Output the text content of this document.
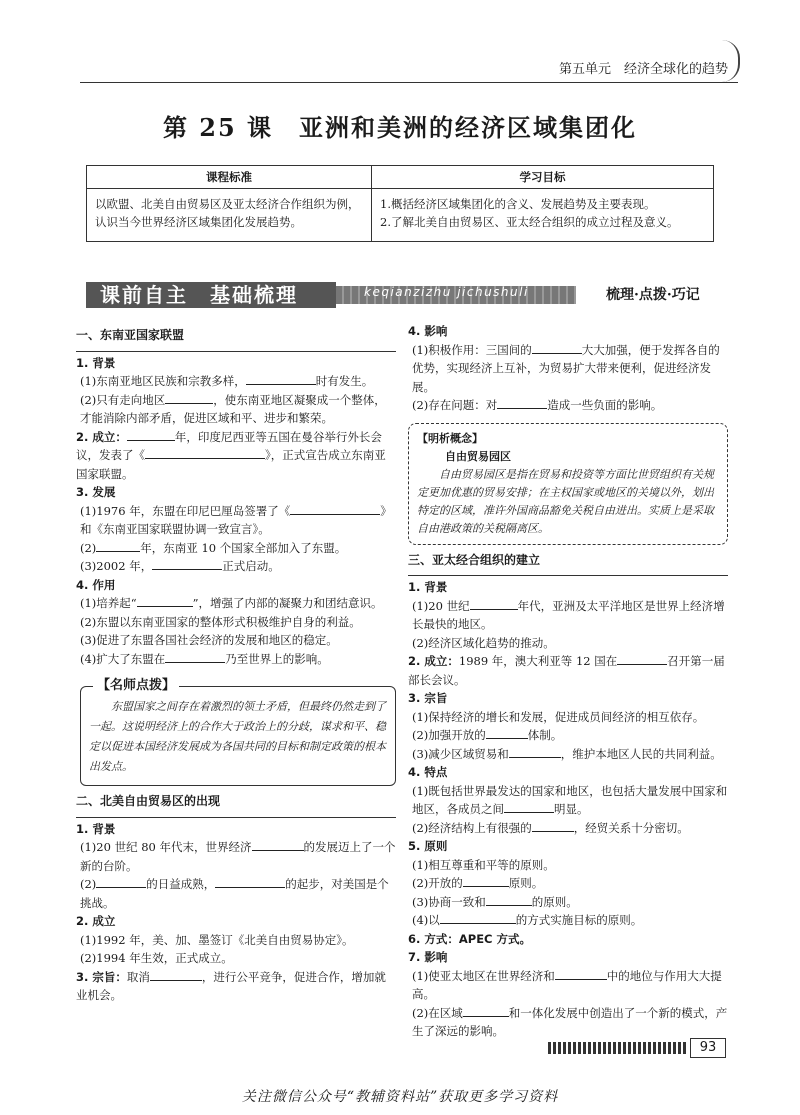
第五单元　经济全球化的趋势
第 25 课　亚洲和美洲的经济区域集团化
课程标准	学习目标
以欧盟、北美自由贸易区及亚太经济合作组织为例，认识当今世界经济区域集团化发展趋势。	1.概括经济区域集团化的含义、发展趋势及主要表现。
2.了解北美自由贸易区、亚太经合组织的成立过程及意义。
课前自主　基础梳理	keqianzizhu jichushuli	梳理·点拨·巧记

一、东南亚国家联盟

1. 背景

(1)东南亚地区民族和宗教多样，	时有发生。

(2)只有走向地区	，使东南亚地区凝聚成一个整体，才能消除内部矛盾，促进区域和平、进步和繁荣。

2. 成立：	年，印度尼西亚等五国在曼谷举行外长会议，发表了《	》，正式宣告成立东南亚国家联盟。

3. 发展

(1)1976 年，东盟在印尼巴厘岛签署了《	》和《东南亚国家联盟协调一致宣言》。

(2)	年，东南亚 10 个国家全部加入了东盟。

(3)2002 年，	正式启动。

4. 作用

(1)培养起“	”，增强了内部的凝聚力和团结意识。

(2)东盟以东南亚国家的整体形式积极维护自身的利益。

(3)促进了东盟各国社会经济的发展和地区的稳定。

(4)扩大了东盟在	乃至世界上的影响。

【名师点拨】
东盟国家之间存在着激烈的领土矛盾，但最终仍然走到了一起。这说明经济上的合作大于政治上的分歧，谋求和平、稳定以促进本国经济发展成为各国共同的目标和制定政策的根本出发点。

二、北美自由贸易区的出现

1. 背景

(1)20 世纪 80 年代末，世界经济	的发展迈上了一个新的台阶。

(2)	的日益成熟，	的起步，对美国是个挑战。

2. 成立

(1)1992 年，美、加、墨签订《北美自由贸易协定》。

(2)1994 年生效，正式成立。

3. 宗旨：取消	，进行公平竞争，促进合作，增加就业机会。

4. 影响

(1)积极作用：三国间的	大大加强，便于发挥各自的优势，实现经济上互补，为贸易扩大带来便利，促进经济发展。

(2)存在问题：对	造成一些负面的影响。

【明析概念】
自由贸易园区
自由贸易园区是指在贸易和投资等方面比世贸组织有关规定更加优惠的贸易安排；在主权国家或地区的关境以外，划出特定的区域，准许外国商品豁免关税自由进出。实质上是采取自由港政策的关税隔离区。

三、亚太经合组织的建立

1. 背景

(1)20 世纪	年代，亚洲及太平洋地区是世界上经济增长最快的地区。

(2)经济区域化趋势的推动。

2. 成立：1989 年，澳大利亚等 12 国在	召开第一届部长会议。

3. 宗旨

(1)保持经济的增长和发展，促进成员间经济的相互依存。

(2)加强开放的	体制。

(3)减少区域贸易和	，维护本地区人民的共同利益。

4. 特点

(1)既包括世界最发达的国家和地区，也包括大量发展中国家和地区，各成员之间	明显。

(2)经济结构上有很强的	，经贸关系十分密切。

5. 原则

(1)相互尊重和平等的原则。

(2)开放的	原则。

(3)协商一致和	的原则。

(4)以	的方式实施目标的原则。

6. 方式：APEC 方式。

7. 影响

(1)使亚太地区在世界经济和	中的地位与作用大大提高。

(2)在区域	和一体化发展中创造出了一个新的模式，产生了深远的影响。

93
关注微信公众号“教辅资料站”获取更多学习资料
